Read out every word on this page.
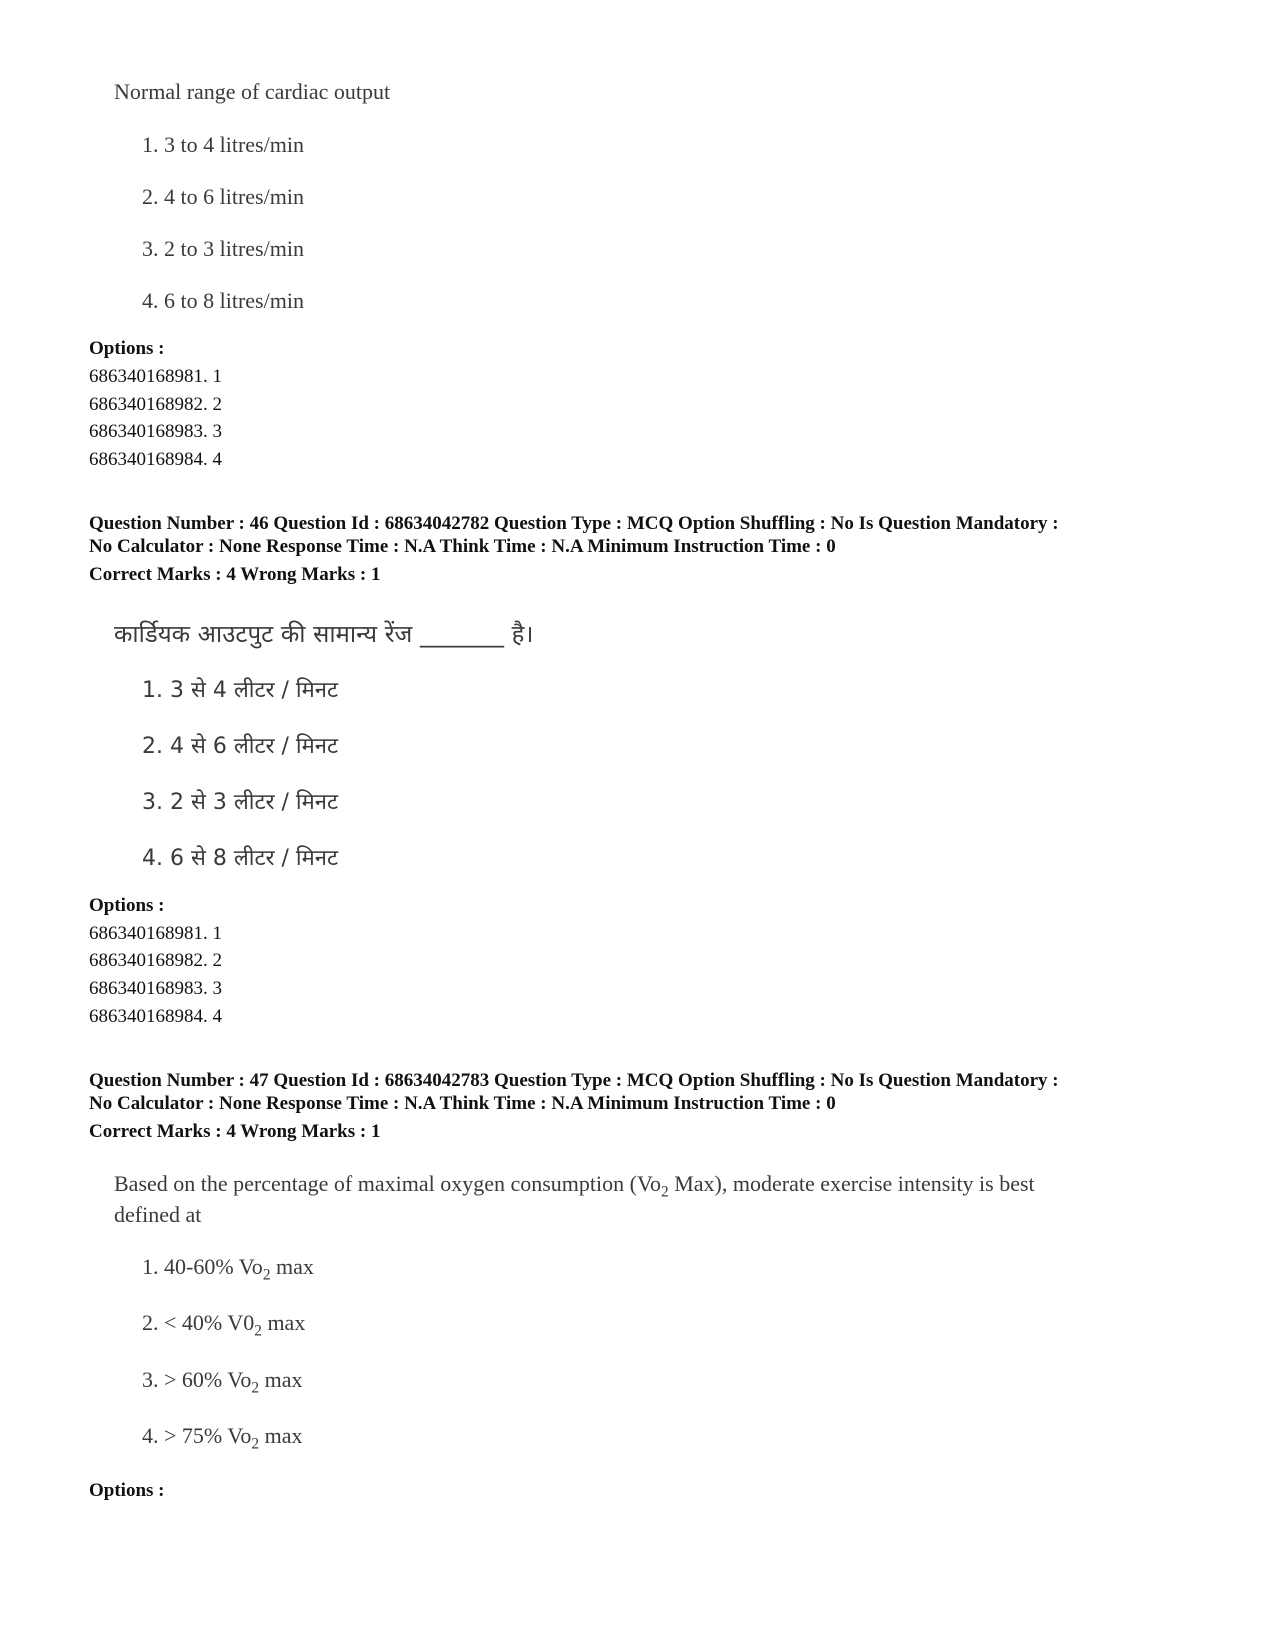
Normal range of cardiac output
1. 3 to 4 litres/min
2. 4 to 6 litres/min
3. 2 to 3 litres/min
4. 6 to 8 litres/min
Options :
686340168981. 1
686340168982. 2
686340168983. 3
686340168984. 4
Question Number : 46 Question Id : 68634042782 Question Type : MCQ Option Shuffling : No Is Question Mandatory :
No Calculator : None Response Time : N.A Think Time : N.A Minimum Instruction Time : 0
Correct Marks : 4 Wrong Marks : 1
कार्डियक आउटपुट की सामान्य रेंज _______ है।
1. 3 से 4 लीटर / मिनट
2. 4 से 6 लीटर / मिनट
3. 2 से 3 लीटर / मिनट
4. 6 से 8 लीटर / मिनट
Options :
686340168981. 1
686340168982. 2
686340168983. 3
686340168984. 4
Question Number : 47 Question Id : 68634042783 Question Type : MCQ Option Shuffling : No Is Question Mandatory :
No Calculator : None Response Time : N.A Think Time : N.A Minimum Instruction Time : 0
Correct Marks : 4 Wrong Marks : 1
Based on the percentage of maximal oxygen consumption ($Vo_2$ Max), moderate exercise intensity is best
defined at
1. 40-60% $Vo_2$ max
2. < 40% $V0_2$ max
3. > 60% $Vo_2$ max
4. > 75% $Vo_2$ max
Options :
